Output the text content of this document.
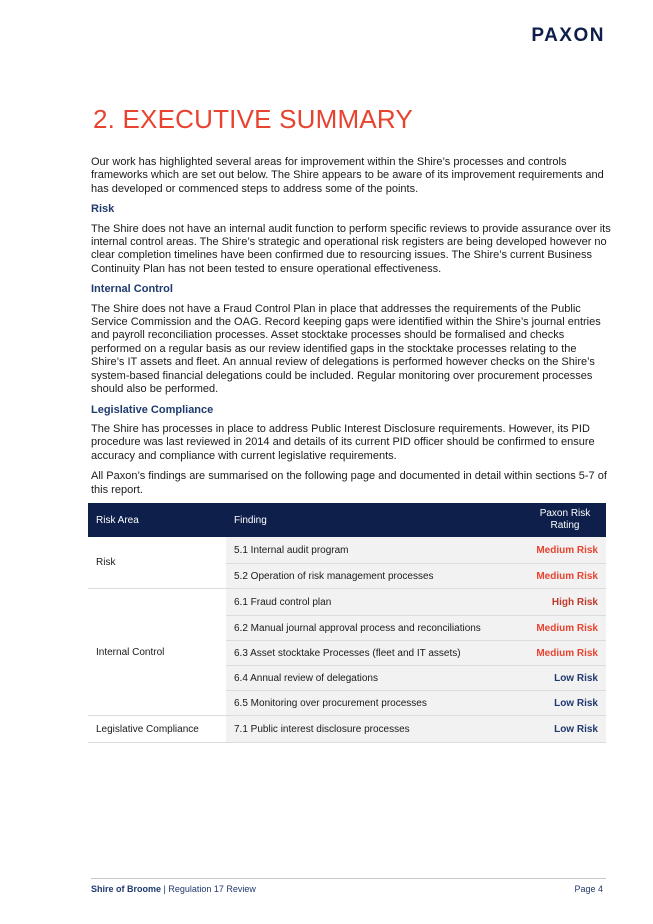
PAXON
2. EXECUTIVE SUMMARY

Our work has highlighted several areas for improvement within the Shire’s processes and controls frameworks which are set out below. The Shire appears to be aware of its improvement requirements and has developed or commenced steps to address some of the points.

Risk

The Shire does not have an internal audit function to perform specific reviews to provide assurance over its internal control areas. The Shire’s strategic and operational risk registers are being developed however no clear completion timelines have been confirmed due to resourcing issues. The Shire’s current Business Continuity Plan has not been tested to ensure operational effectiveness.

Internal Control

The Shire does not have a Fraud Control Plan in place that addresses the requirements of the Public Service Commission and the OAG. Record keeping gaps were identified within the Shire’s journal entries and payroll reconciliation processes. Asset stocktake processes should be formalised and checks performed on a regular basis as our review identified gaps in the stocktake processes relating to the Shire’s IT assets and fleet. An annual review of delegations is performed however checks on the Shire’s system-based financial delegations could be included. Regular monitoring over procurement processes should also be performed.

Legislative Compliance

The Shire has processes in place to address Public Interest Disclosure requirements. However, its PID procedure was last reviewed in 2014 and details of its current PID officer should be confirmed to ensure accuracy and compliance with current legislative requirements.

All Paxon’s findings are summarised on the following page and documented in detail within sections 5-7 of this report.

Risk Area	Finding	Paxon Risk Rating
Risk	5.1 Internal audit program	Medium Risk
	5.2 Operation of risk management processes	Medium Risk
Internal Control	6.1 Fraud control plan	High Risk
	6.2 Manual journal approval process and reconciliations	Medium Risk
	6.3 Asset stocktake Processes (fleet and IT assets)	Medium Risk
	6.4 Annual review of delegations	Low Risk
	6.5 Monitoring over procurement processes	Low Risk
Legislative Compliance	7.1 Public interest disclosure processes	Low Risk
Shire of Broome | Regulation 17 Review	Page 4
